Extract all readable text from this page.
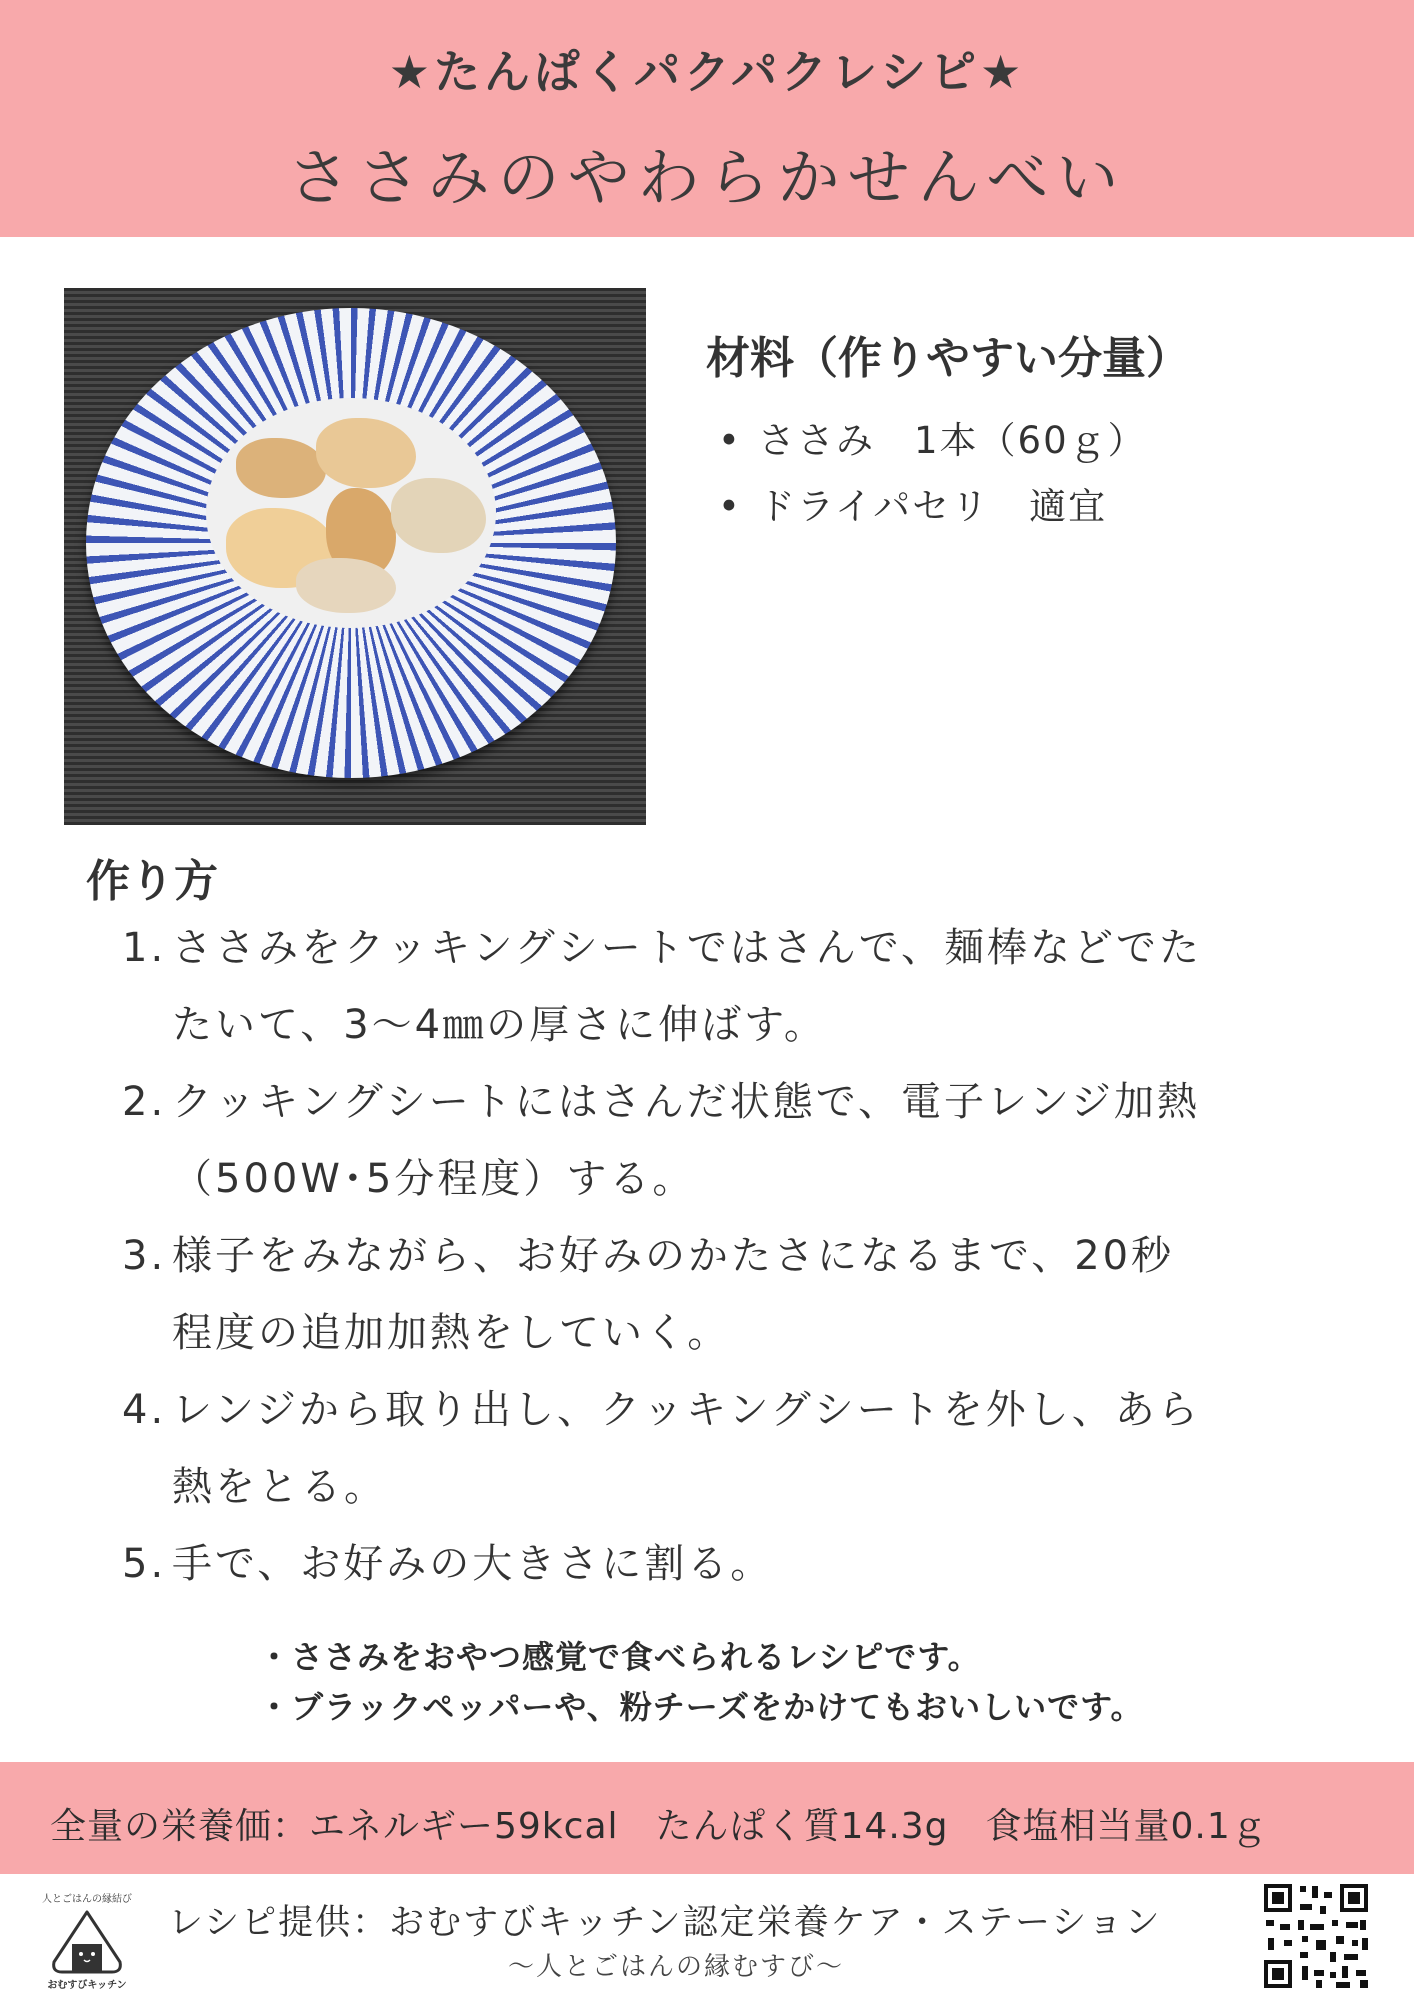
★たんぱくパクパクレシピ★
ささみのやわらかせんべい
材料（作りやすい分量）
• ささみ　1本（60ｇ）
• ドライパセリ　適宜
作り方
1. ささみをクッキングシートではさんで、麺棒などでた
たいて、3〜4㎜の厚さに伸ばす。
2. クッキングシートにはさんだ状態で、電子レンジ加熱
（500W･5分程度）する。
3. 様子をみながら、お好みのかたさになるまで、20秒
程度の追加加熱をしていく。
4. レンジから取り出し、クッキングシートを外し、あら
熱をとる。
5. 手で、お好みの大きさに割る。
・ささみをおやつ感覚で食べられるレシピです。
・ブラックペッパーや、粉チーズをかけてもおいしいです。
全量の栄養価：エネルギー59kcal　たんぱく質14.3g　食塩相当量0.1ｇ
おむすびキッチン
人とごはんの縁結び
レシピ提供：おむすびキッチン認定栄養ケア・ステーション
〜人とごはんの縁むすび〜
